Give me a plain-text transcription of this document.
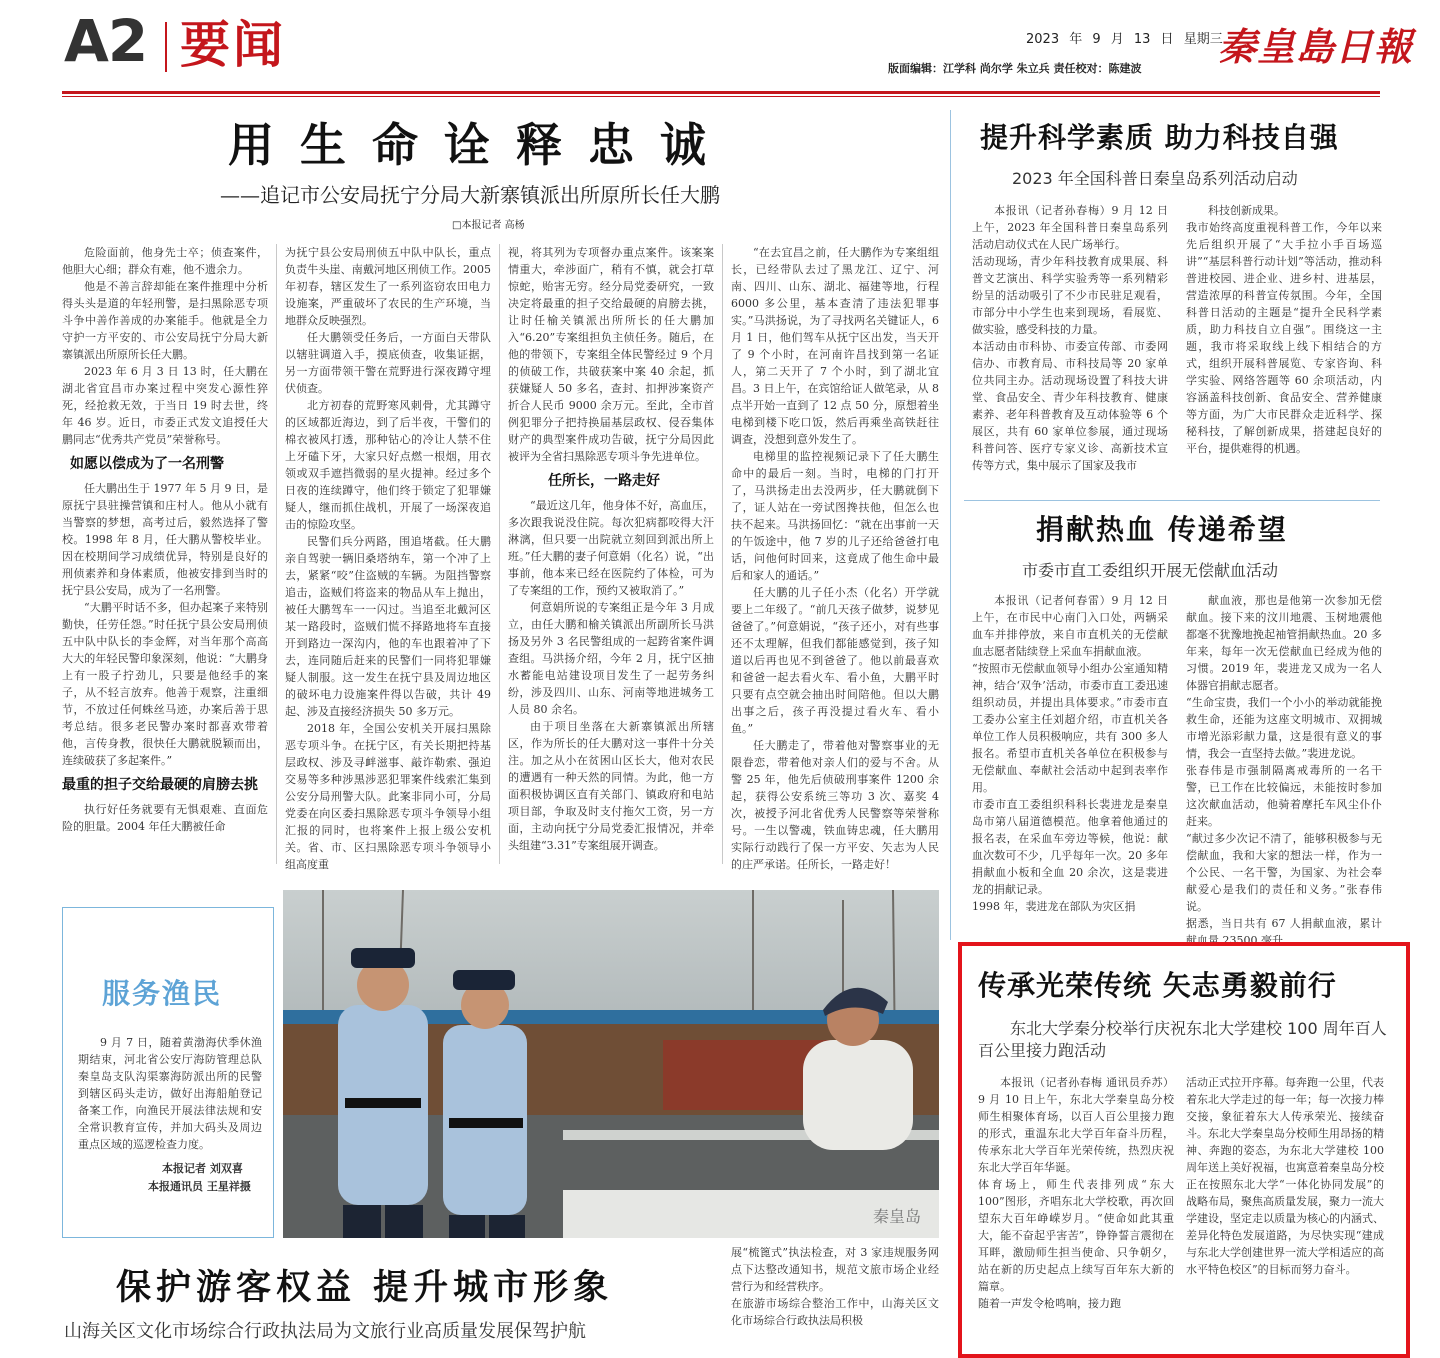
A2 要闻	2023 年 9 月 13 日 星期三
秦皇島日報
版面编辑：江学科 尚尔学 朱立兵 责任校对：陈建波
用生命诠释忠诚
——追记市公安局抚宁分局大新寨镇派出所原所长任大鹏
□本报记者 高杨

危险面前，他身先士卒；侦查案件，他胆大心细；群众有难，他不遗余力。

他是不善言辞却能在案件推理中分析得头头是道的年轻刑警，是扫黑除恶专项斗争中善作善成的办案能手。他就是全力守护一方平安的、市公安局抚宁分局大新寨镇派出所原所长任大鹏。

2023 年 6 月 3 日 13 时，任大鹏在湖北省宜昌市办案过程中突发心源性猝死，经抢救无效，于当日 19 时去世，终年 46 岁。近日，市委正式发文追授任大鹏同志“优秀共产党员”荣誉称号。

如愿以偿成为了一名刑警

任大鹏出生于 1977 年 5 月 9 日，是原抚宁县驻操营镇和庄村人。他从小就有当警察的梦想，高考过后，毅然选择了警校。1998 年 8 月，任大鹏从警校毕业。因在校期间学习成绩优异，特别是良好的刑侦素养和身体素质，他被安排到当时的抚宁县公安局，成为了一名刑警。

“大鹏平时话不多，但办起案子来特别勤快，任劳任怨。”时任抚宁县公安局刑侦五中队中队长的李金辉，对当年那个高高大大的年轻民警印象深刻，他说：“大鹏身上有一股子拧劲儿，只要是他经手的案子，从不轻言放弃。他善于观察，注重细节，不放过任何蛛丝马迹，办案后善于思考总结。很多老民警办案时都喜欢带着他，言传身教，很快任大鹏就脱颖而出，连续破获了多起案件。”

最重的担子交给最硬的肩膀去挑

执行好任务就要有无惧艰难、直面危险的胆量。2004 年任大鹏被任命

为抚宁县公安局刑侦五中队中队长，重点负责牛头崖、南戴河地区刑侦工作。2005 年初春，辖区发生了一系列盗窃农田电力设施案，严重破坏了农民的生产环境，当地群众反映强烈。

任大鹏领受任务后，一方面白天带队以辖驻调道入手，摸底侦查，收集证据，另一方面带领干警在荒野进行深夜蹲守埋伏侦查。

北方初春的荒野寒风刺骨，尤其蹲守的区域都近海边，到了后半夜，干警们的棉衣被风打透，那种钻心的冷让人禁不住上牙磕下牙，大家只好点燃一根烟，用衣领或双手遮挡微弱的星火提神。经过多个日夜的连续蹲守，他们终于锁定了犯罪嫌疑人，继而抓住战机，开展了一场深夜追击的惊险攻坚。

民警们兵分两路，围追堵截。任大鹏亲自驾驶一辆旧桑塔纳车，第一个冲了上去，紧紧“咬”住盗贼的车辆。为阻挡警察追击，盗贼们将盗来的物品从车上抛出，被任大鹏驾车一一闪过。当追至北戴河区某一路段时，盗贼们慌不择路地将车直接开到路边一深沟内，他的车也跟着冲了下去，连同随后赶来的民警们一同将犯罪嫌疑人制服。这一发生在抚宁县及周边地区的破坏电力设施案件得以告破，共计 49 起、涉及直接经济损失 50 多万元。

2018 年，全国公安机关开展扫黑除恶专项斗争。在抚宁区，有关长期把持基层政权、涉及寻衅滋事、敲诈勒索、强迫交易等多种涉黑涉恶犯罪案件线索汇集到公安分局刑警大队。此案非同小可，分局党委在向区委扫黑除恶专项斗争领导小组汇报的同时，也将案件上报上级公安机关。省、市、区扫黑除恶专项斗争领导小组高度重

视，将其列为专项督办重点案件。该案案情重大，牵涉面广，稍有不慎，就会打草惊蛇，贻害无穷。经分局党委研究，一致决定将最重的担子交给最硬的肩膀去挑，让时任榆关镇派出所所长的任大鹏加入“6.20”专案组担负主侦任务。随后，在他的带领下，专案组全体民警经过 9 个月的侦破工作，共破获案中案 40 余起，抓获嫌疑人 50 多名，查封、扣押涉案资产折合人民币 9000 余万元。至此，全市首例犯罪分子把持换届基层政权、侵吞集体财产的典型案件成功告破，抚宁分局因此被评为全省扫黑除恶专项斗争先进单位。

任所长，一路走好

“最近这几年，他身体不好，高血压，多次跟我说没住院。每次犯病都咬得大汗淋漓，但只要一出院就立刻回到派出所上班。”任大鹏的妻子何意娟（化名）说，“出事前，他本来已经在医院约了体检，可为了专案组的工作，预约又被取消了。”

何意娟所说的专案组正是今年 3 月成立，由任大鹏和榆关镇派出所副所长马洪扬及另外 3 名民警组成的一起跨省案件调查组。马洪扬介绍，今年 2 月，抚宁区抽水蓄能电站建设项目发生了一起劳务纠纷，涉及四川、山东、河南等地进城务工人员 80 余名。

由于项目坐落在大新寨镇派出所辖区，作为所长的任大鹏对这一事件十分关注。加之从小在贫困山区长大，他对农民的遭遇有一种天然的同情。为此，他一方面积极协调区直有关部门、镇政府和电站项目部，争取及时支付拖欠工资，另一方面，主动向抚宁分局党委汇报情况，并牵头组建“3.31”专案组展开调查。

“在去宜昌之前，任大鹏作为专案组组长，已经带队去过了黑龙江、辽宁、河南、四川、山东、湖北、福建等地，行程 6000 多公里，基本查清了违法犯罪事实。”马洪扬说，为了寻找两名关键证人，6 月 1 日，他们驾车从抚宁区出发，当天开了 9 个小时，在河南许昌找到第一名证人，第二天开了 7 个小时，到了湖北宜昌。3 日上午，在宾馆给证人做笔录，从 8 点半开始一直到了 12 点 50 分，原想着坐电梯到楼下吃口饭，然后再乘坐高铁赶往调查，没想到意外发生了。

电梯里的监控视频记录下了任大鹏生命中的最后一刻。当时，电梯的门打开了，马洪扬走出去没两步，任大鹏就倒下了，证人站在一旁试图搀扶他，但怎么也扶不起来。马洪扬回忆：“就在出事前一天的午饭途中，他 7 岁的儿子还给爸爸打电话，问他何时回来，这竟成了他生命中最后和家人的通话。”

任大鹏的儿子任小杰（化名）开学就要上二年级了。“前几天孩子做梦，说梦见爸爸了。”何意娟说，“孩子还小，对有些事还不太理解，但我们都能感觉到，孩子知道以后再也见不到爸爸了。他以前最喜欢和爸爸一起去看火车、看小鱼，大鹏平时只要有点空就会抽出时间陪他。但以大鹏出事之后，孩子再没提过看火车、看小鱼。”

任大鹏走了，带着他对警察事业的无限眷恋，带着他对亲人们的爱与不舍。从警 25 年，他先后侦破刑事案件 1200 余起，获得公安系统三等功 3 次、嘉奖 4 次，被授予河北省优秀人民警察等荣誉称号。一生以警魂，铁血铸忠魂，任大鹏用实际行动践行了保一方平安、矢志为人民的庄严承诺。任所长，一路走好！

提升科学素质 助力科技自强
2023 年全国科普日秦皇岛系列活动启动
本报讯（记者孙春梅）9 月 12 日上午，2023 年全国科普日秦皇岛系列活动启动仪式在人民广场举行。
活动现场，青少年科技教育成果展、科普文艺演出、科学实验秀等一系列精彩纷呈的活动吸引了不少市民驻足观看，市部分中小学生也来到现场，看展览、做实验，感受科技的力量。
本活动由市科协、市委宣传部、市委网信办、市教育局、市科技局等 20 家单位共同主办。活动现场设置了科技大讲堂、食品安全、青少年科技教育、健康素养、老年科普教育及互动体验等 6 个展区，共有 60 家单位参展，通过现场科普问答、医疗专家义诊、高新技术宣传等方式，集中展示了国家及我市
科技创新成果。
我市始终高度重视科普工作，今年以来先后组织开展了“大手拉小手百场巡讲”“基层科普行动计划”等活动，推动科普进校园、进企业、进乡村、进基层，营造浓厚的科普宣传氛围。今年，全国科普日活动的主题是“提升全民科学素质，助力科技自立自强”。围绕这一主题，我市将采取线上线下相结合的方式，组织开展科普展览、专家咨询、科学实验、网络答题等 60 余项活动，内容涵盖科技创新、食品安全、营养健康等方面，为广大市民群众走近科学、探秘科技，了解创新成果，搭建起良好的平台，提供难得的机遇。
捐献热血 传递希望
市委市直工委组织开展无偿献血活动
本报讯（记者何春雷）9 月 12 日上午，在市民中心南门入口处，两辆采血车并排停放，来自市直机关的无偿献血志愿者陆续登上采血车捐献血液。
“按照市无偿献血领导小组办公室通知精神，结合‘双争’活动，市委市直工委迅速组织动员，并提出具体要求。”市委市直工委办公室主任刘超介绍，市直机关各单位工作人员积极响应，共有 300 多人报名。希望市直机关各单位在积极参与无偿献血、奉献社会活动中起到表率作用。
市委市直工委组织科科长裴进龙是秦皇岛市第八届道德模范。他拿着他通过的报名表，在采血车旁边等候，他说：献血次数可不少，几乎每年一次。20 多年捐献血小板和全血 20 余次，这是裴进龙的捐献记录。
1998 年，裴进龙在部队为灾区捐
献血液，那也是他第一次参加无偿献血。接下来的汶川地震、玉树地震他都毫不犹豫地挽起袖管捐献热血。20 多年来，每年一次无偿献血已经成为他的习惯。2019 年，裴进龙又成为一名人体器官捐献志愿者。
“生命宝贵，我们一个小小的举动就能挽救生命，还能为这座文明城市、双拥城市增光添彩献力量，这是很有意义的事情，我会一直坚持去做。”裴进龙说。
张春伟是市强制隔离戒毒所的一名干警，已工作在比较偏远，未能按时参加这次献血活动，他骑着摩托车风尘仆仆赶来。
“献过多少次记不清了，能够积极参与无偿献血，我和大家的想法一样，作为一个公民、一名干警，为国家、为社会奉献爱心是我们的责任和义务。”张春伟说。
据悉，当日共有 67 人捐献血液，累计献血量 23500 毫升。
传承光荣传统 矢志勇毅前行
东北大学秦分校举行庆祝东北大学建校 100 周年百人百公里接力跑活动
本报讯（记者孙春梅 通讯员乔苏）9 月 10 日上午，东北大学秦皇岛分校师生相聚体育场，以百人百公里接力跑的形式，重温东北大学百年奋斗历程，传承东北大学百年光荣传统，热烈庆祝东北大学百年华诞。
体育场上，师生代表排列成“东大 100”图形，齐唱东北大学校歌，再次回望东大百年峥嵘岁月。“使命如此其重大，能不奋起乎害苦”，铮铮誓言震彻在耳畔，激励师生担当使命、只争朝夕，站在新的历史起点上续写百年东大新的篇章。
随着一声发令枪鸣响，接力跑
活动正式拉开序幕。每奔跑一公里，代表着东北大学走过的每一年；每一次接力棒交接，象征着东大人传承荣光、接续奋斗。东北大学秦皇岛分校师生用昂扬的精神、奔跑的姿态，为东北大学建校 100 周年送上美好祝福，也寓意着秦皇岛分校正在按照东北大学“一体化协同发展”的战略布局，聚焦高质量发展，聚力一流大学建设，坚定走以质量为核心的内涵式、差异化特色发展道路，为尽快实现“建成与东北大学创建世界一流大学相适应的高水平特色校区”的目标而努力奋斗。
服务渔民
9 月 7 日，随着黄渤海伏季休渔期结束，河北省公安厅海防管理总队秦皇岛支队沟渠寨海防派出所的民警到辖区码头走访，做好出海船舶登记备案工作，向渔民开展法律法规和安全常识教育宣传，并加大码头及周边重点区域的巡逻检查力度。
本报记者 刘双喜
本报通讯员 王星祥摄
秦皇岛
保护游客权益 提升城市形象
山海关区文化市场综合行政执法局为文旅行业高质量发展保驾护航
展“梳篦式”执法检查，对 3 家违规服务网点下达整改通知书，规范文旅市场企业经营行为和经营秩序。
在旅游市场综合整治工作中，山海关区文化市场综合行政执法局积极
